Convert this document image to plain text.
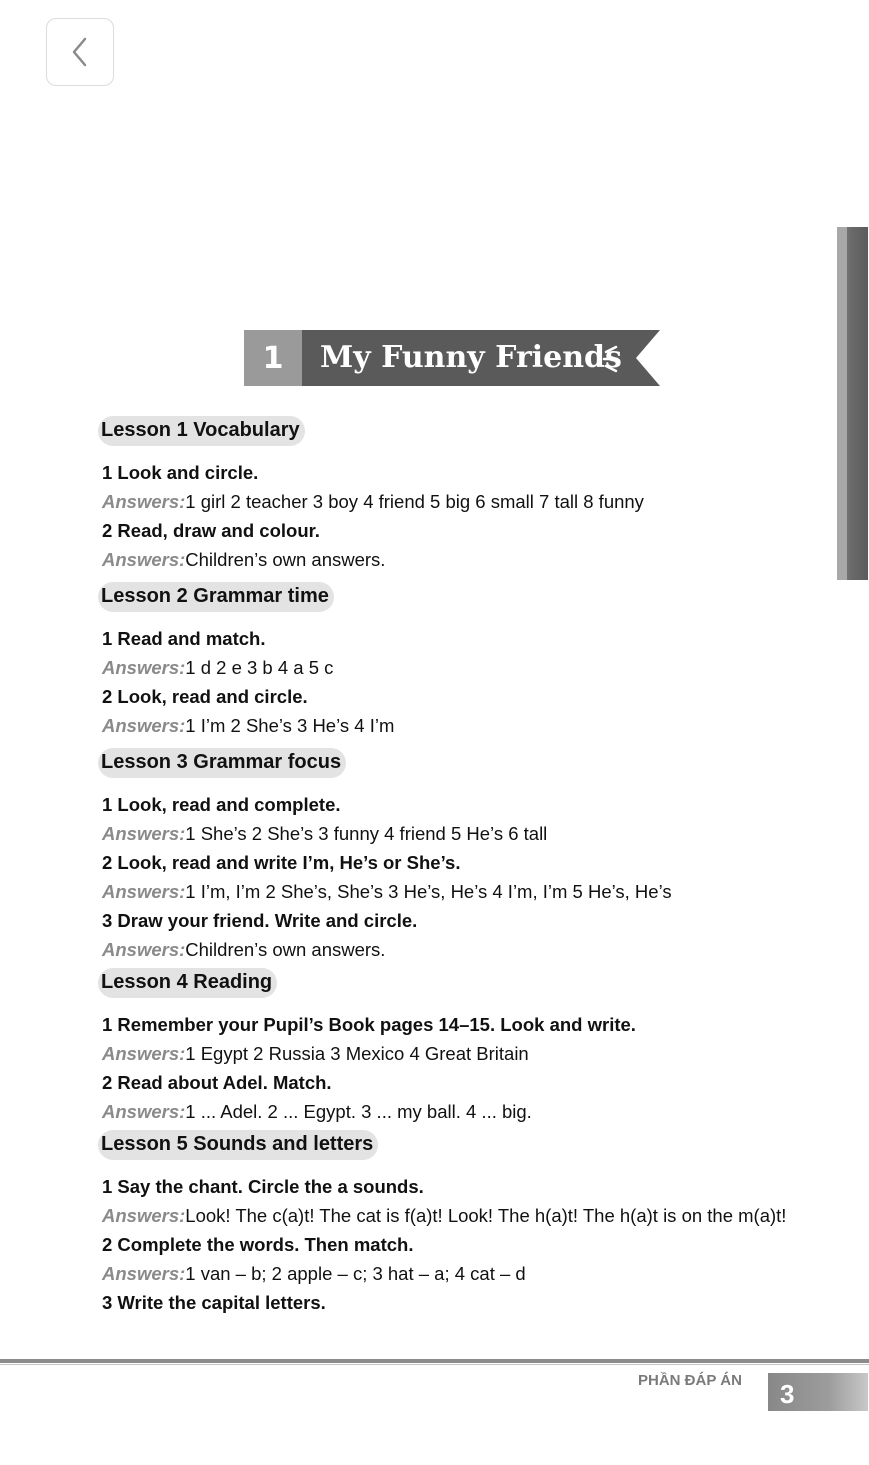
1	My Funny Friends
Lesson 1 Vocabulary
1 Look and circle.
Answers:1 girl 2 teacher 3 boy 4 friend 5 big 6 small 7 tall 8 funny
2 Read, draw and colour.
Answers:Children’s own answers.
Lesson 2 Grammar time
1 Read and match.
Answers:1 d 2 e 3 b 4 a 5 c
2 Look, read and circle.
Answers:1 I’m 2 She’s 3 He’s 4 I’m
Lesson 3 Grammar focus
1 Look, read and complete.
Answers:1 She’s 2 She’s 3 funny 4 friend 5 He’s 6 tall
2 Look, read and write I’m, He’s or She’s.
Answers:1 I’m, I’m 2 She’s, She’s 3 He’s, He’s 4 I’m, I’m 5 He’s, He’s
3 Draw your friend. Write and circle.
Answers:Children’s own answers.
Lesson 4 Reading
1 Remember your Pupil’s Book pages 14–15. Look and write.
Answers:1 Egypt 2 Russia 3 Mexico 4 Great Britain
2 Read about Adel. Match.
Answers:1 ... Adel. 2 ... Egypt. 3 ... my ball. 4 ... big.
Lesson 5 Sounds and letters
1 Say the chant. Circle the a sounds.
Answers:Look! The c(a)t! The cat is f(a)t! Look! The h(a)t! The h(a)t is on the m(a)t!
2 Complete the words. Then match.
Answers:1 van – b; 2 apple – c; 3 hat – a; 4 cat – d
3 Write the capital letters.
PHẦN ĐÁP ÁN	3
